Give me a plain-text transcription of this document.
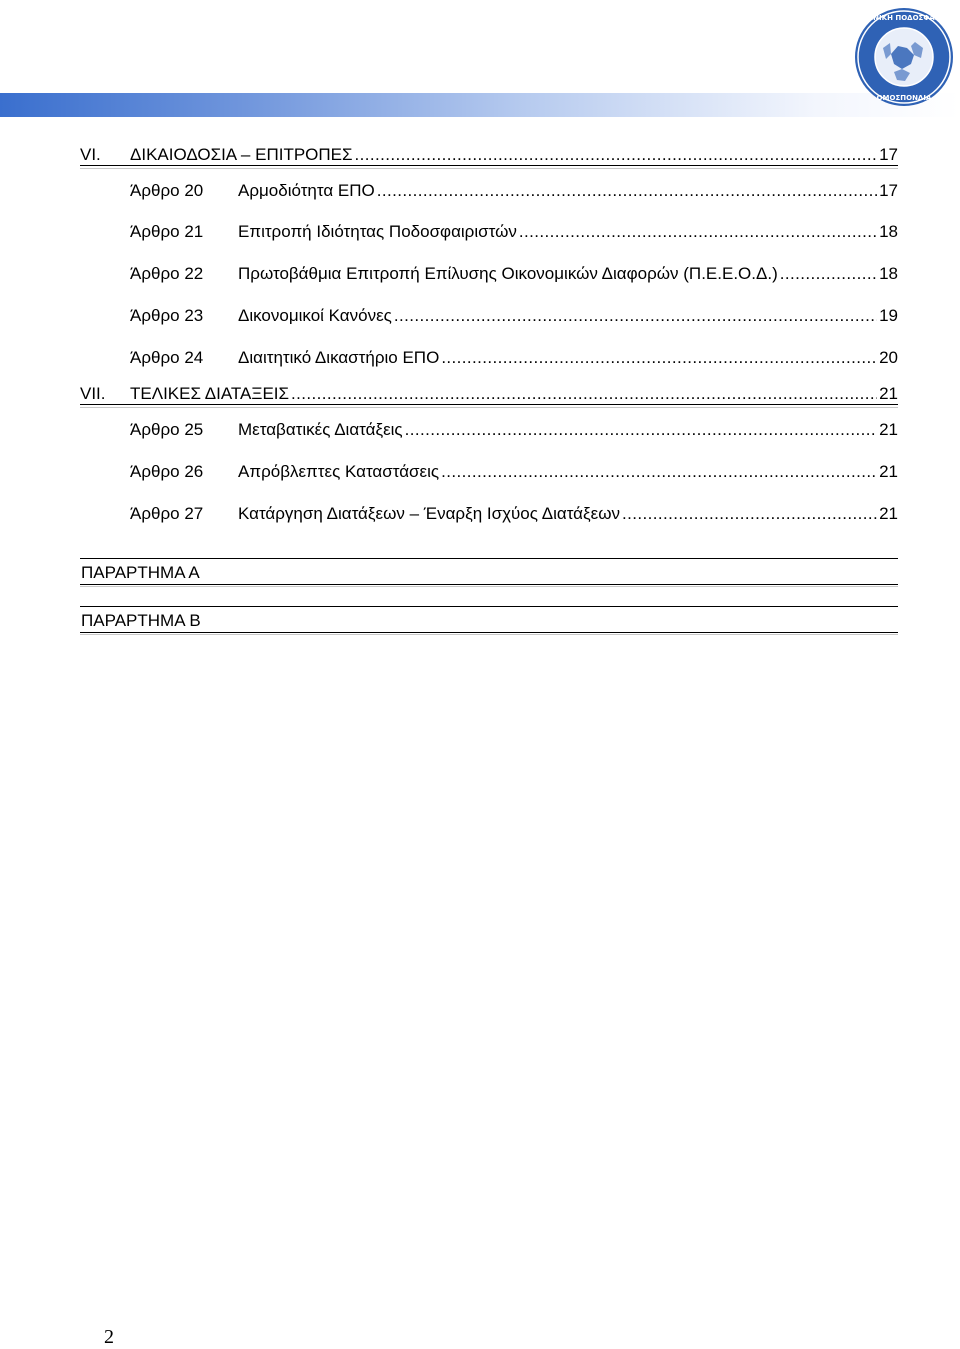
ΕΛΛΗΝΙΚΗ ΠΟΔΟΣΦΑΙΡΙΚΗ
ΟΜΟΣΠΟΝΔΙΑ
VI.	ΔΙΚΑΙΟΔΟΣΙΑ – ΕΠΙΤΡΟΠΕΣ .....	17
Άρθρο 20	Αρμοδιότητα ΕΠΟ .....	17
Άρθρο 21	Επιτροπή Ιδιότητας Ποδοσφαιριστών .....	18
Άρθρο 22	Πρωτοβάθμια Επιτροπή Επίλυσης Οικονομικών Διαφορών (Π.Ε.Ε.Ο.Δ.) .....	18
Άρθρο 23	Δικονομικοί Κανόνες .....	19
Άρθρο 24	Διαιτητικό Δικαστήριο ΕΠΟ .....	20
VII.	ΤΕΛΙΚΕΣ ΔΙΑΤΑΞΕΙΣ .....	21
Άρθρο 25	Μεταβατικές Διατάξεις .....	21
Άρθρο 26	Απρόβλεπτες Καταστάσεις .....	21
Άρθρο 27	Κατάργηση Διατάξεων – Έναρξη Ισχύος Διατάξεων .....	21
ΠΑΡΑΡΤΗΜΑ Α
ΠΑΡΑΡΤΗΜΑ Β
2
